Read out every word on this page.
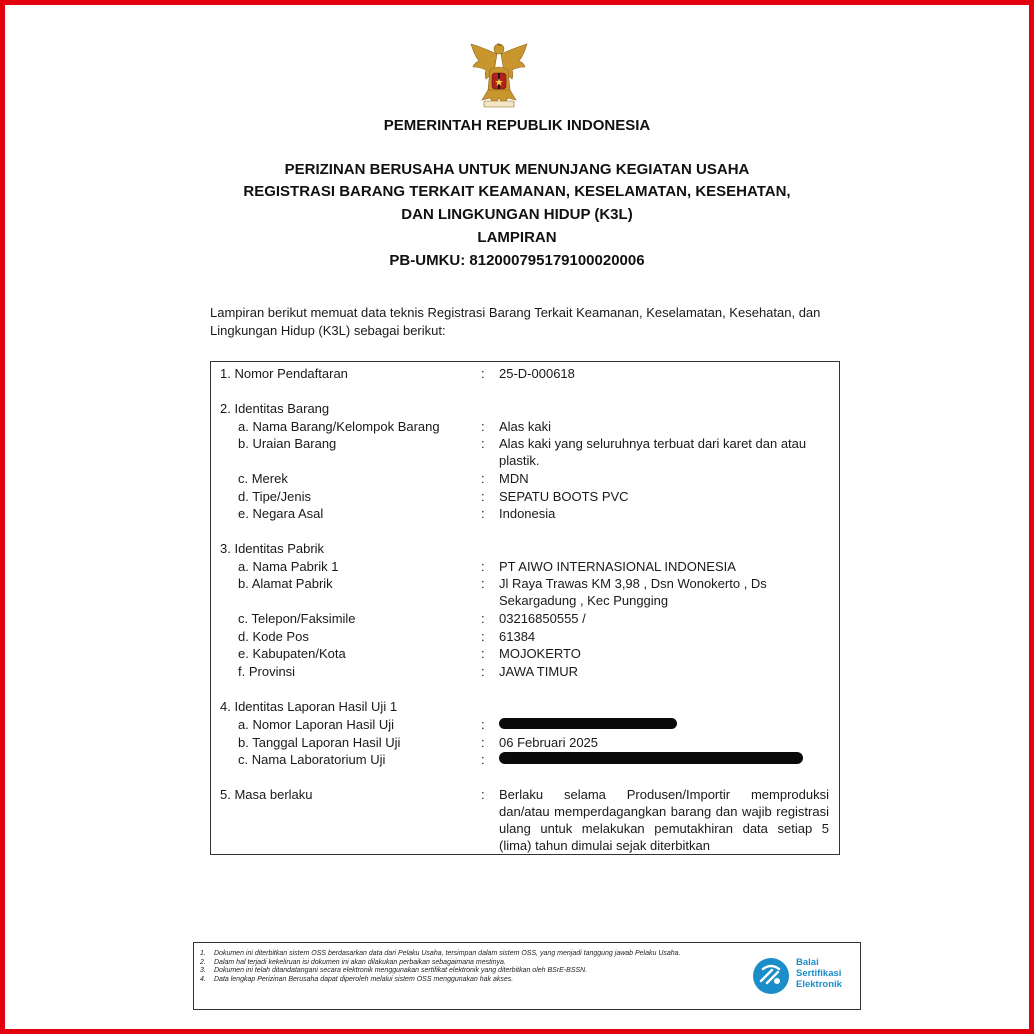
PEMERINTAH REPUBLIK INDONESIA
PERIZINAN BERUSAHA UNTUK MENUNJANG KEGIATAN USAHA
REGISTRASI BARANG TERKAIT KEAMANAN, KESELAMATAN, KESEHATAN,
DAN LINGKUNGAN HIDUP (K3L)
LAMPIRAN
PB-UMKU: 812000795179100020006
Lampiran berikut memuat data teknis Registrasi Barang Terkait Keamanan, Keselamatan, Kesehatan, dan Lingkungan Hidup (K3L) sebagai berikut:
1. Nomor Pendaftaran	: 25-D-000618
2. Identitas Barang
a. Nama Barang/Kelompok Barang	: Alas kaki
b. Uraian Barang	: Alas kaki yang seluruhnya terbuat dari karet dan atau plastik.
c. Merek	: MDN
d. Tipe/Jenis	: SEPATU BOOTS PVC
e. Negara Asal	: Indonesia
3. Identitas Pabrik
a. Nama Pabrik 1	: PT AIWO INTERNASIONAL INDONESIA
b. Alamat Pabrik	: Jl Raya Trawas KM 3,98 , Dsn Wonokerto , Ds Sekargadung , Kec Pungging
c. Telepon/Faksimile	: 03216850555 /
d. Kode Pos	: 61384
e. Kabupaten/Kota	: MOJOKERTO
f. Provinsi	: JAWA TIMUR
4. Identitas Laporan Hasil Uji 1
a. Nomor Laporan Hasil Uji	:
b. Tanggal Laporan Hasil Uji	: 06 Februari 2025
c. Nama Laboratorium Uji	:
5. Masa berlaku	: Berlaku selama Produsen/Importir memproduksi dan/atau memperdagangkan barang dan wajib registrasi ulang untuk melakukan pemutakhiran data setiap 5 (lima) tahun dimulai sejak diterbitkan
1. Dokumen ini diterbitkan sistem OSS berdasarkan data dari Pelaku Usaha, tersimpan dalam sistem OSS, yang menjadi tanggung jawab Pelaku Usaha.
2. Dalam hal terjadi kekeliruan isi dokumen ini akan dilakukan perbaikan sebagaimana mestinya.
3. Dokumen ini telah ditandatangani secara elektronik menggunakan sertifikat elektronik yang diterbitkan oleh BSrE-BSSN.
4. Data lengkap Perizinan Berusaha dapat diperoleh melalui sistem OSS menggunakan hak akses.
Balai
Sertifikasi
Elektronik
